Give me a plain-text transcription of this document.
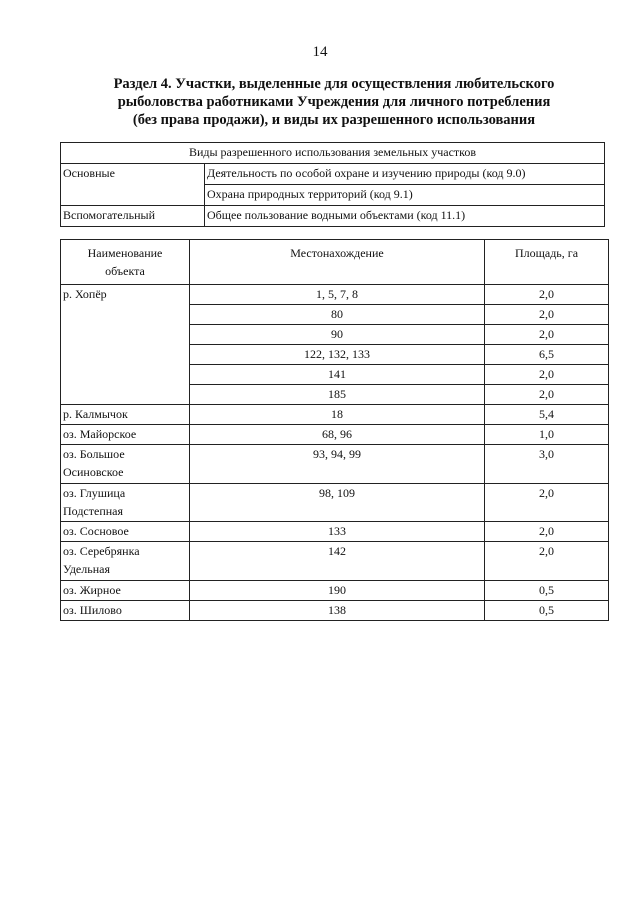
14
Раздел 4. Участки, выделенные для осуществления любительского
рыболовства работниками Учреждения для личного потребления
(без права продажи), и виды их разрешенного использования
Виды разрешенного использования земельных участков	
Основные	Деятельность по особой охране и изучению природы (код 9.0)
	Охрана природных территорий (код 9.1)
Вспомогательный	Общее пользование водными объектами (код 11.1)
Наименование
объекта	Местонахождение	Площадь, га
р. Хопёр	1, 5, 7, 8	2,0
	80	2,0
	90	2,0
	122, 132, 133	6,5
	141	2,0
	185	2,0
р. Калмычок	18	5,4
оз. Майорское	68, 96	1,0
оз. Большое
Осиновское	93, 94, 99	3,0
оз. Глушица
Подстепная	98, 109	2,0
оз. Сосновое	133	2,0
оз. Серебрянка
Удельная	142	2,0
оз. Жирное	190	0,5
оз. Шилово	138	0,5
